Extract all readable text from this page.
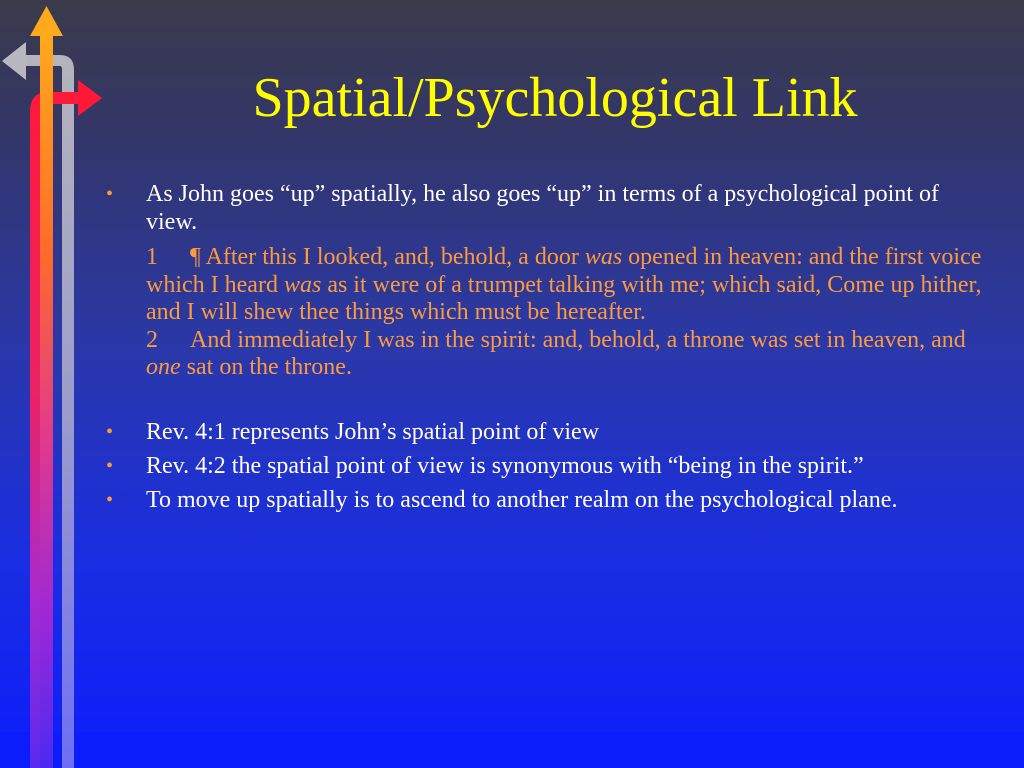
Spatial/Psychological Link
• As John goes “up” spatially, he also goes “up” in terms of a psychological point of view.
1 ¶ After this I looked, and, behold, a door was opened in heaven: and the first voice which I heard was as it were of a trumpet talking with me; which said, Come up hither, and I will shew thee things which must be hereafter.
2 And immediately I was in the spirit: and, behold, a throne was set in heaven, and one sat on the throne.
• Rev. 4:1 represents John’s spatial point of view
• Rev. 4:2 the spatial point of view is synonymous with “being in the spirit.”
• To move up spatially is to ascend to another realm on the psychological plane.
